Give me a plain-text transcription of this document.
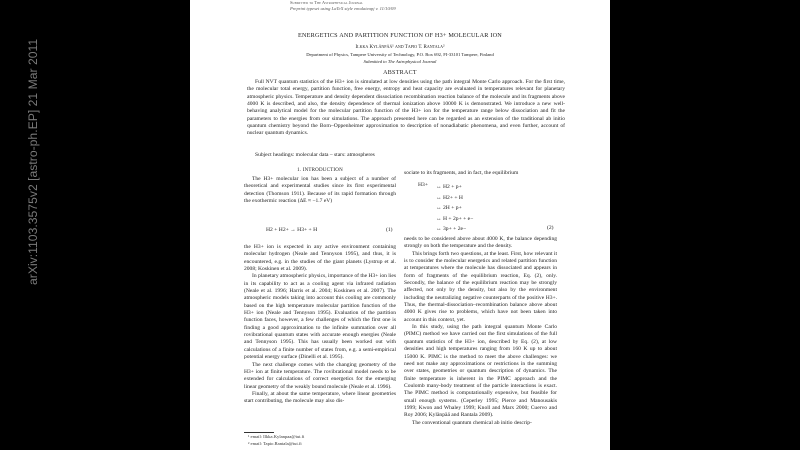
arXiv:1103.3575v2 [astro-ph.EP] 21 Mar 2011
Submitted to The Astrophysical Journal
Preprint typeset using LaTeX style emulateapj v. 11/10/09
ENERGETICS AND PARTITION FUNCTION OF H3+ MOLECULAR ION
Ilkka Kylänpää¹ and Tapio T. Rantala²
Department of Physics, Tampere University of Technology, P.O. Box 692, FI-33101 Tampere, Finland
Submitted to The Astrophysical Journal
ABSTRACT
Full NVT quantum statistics of the H3+ ion is simulated at low densities using the path integral Monte Carlo approach. For the first time, the molecular total energy, partition function, free energy, entropy and heat capacity are evaluated in temperatures relevant for planetary atmospheric physics. Temperature and density dependent dissociation recombination reaction balance of the molecule and its fragments above 4000 K is described, and also, the density dependence of thermal ionization above 10000 K is demonstrated. We introduce a new well-behaving analytical model for the molecular partition function of the H3+ ion for the temperature range below dissociation and fit the parameters to the energies from our simulations. The approach presented here can be regarded as an extension of the traditional ab initio quantum chemistry beyond the Born–Oppenheimer approximation to description of nonadiabatic phenomena, and even further, account of nuclear quantum dynamics.
Subject headings: molecular data – stars: atmospheres
1. INTRODUCTION

The H3+ molecular ion has been a subject of a number of theoretical and experimental studies since its first experimental detection (Thomson 1911). Because of its rapid formation through the exothermic reaction (ΔE ≈ −1.7 eV)

H2 + H2+ → H3+ + H	(1)

the H3+ ion is expected in any active environment containing molecular hydrogen (Neale and Tennyson 1995), and thus, it is encountered, e.g. in the studies of the giant planets (Lystrup et al. 2008; Koskinen et al. 2009).

In planetary atmospheric physics, importance of the H3+ ion lies in its capability to act as a cooling agent via infrared radiation (Neale et al. 1996; Harris et al. 2004; Koskinen et al. 2007). The atmospheric models taking into account this cooling are commonly based on the high temperature molecular partition function of the H3+ ion (Neale and Tennyson 1995). Evaluation of the partition function faces, however, a few challenges of which the first one is finding a good approximation to the infinite summation over all rovibrational quantum states with accurate enough energies (Neale and Tennyson 1995). This has usually been worked out with calculations of a finite number of states from, e.g. a semi-empirical potential energy surface (Dinelli et al. 1995).

The next challenge comes with the changing geometry of the H3+ ion at finite temperature. The rovibrational model needs to be extended for calculations of correct energetics for the emerging linear geometry of the weakly bound molecule (Neale et al. 1996).

Finally, at about the same temperature, where linear geometries start contributing, the molecule may also dis-

¹ email: Ilkka.Kylanpaa@tut.fi
² email: Tapio.Rantala@tut.fi

sociate to its fragments, and in fact, the equilibrium

H3+ ↔ H2 + p+
↔ H2+ + H
↔ 2H + p+
↔ H + 2p+ + e−
↔ 3p+ + 2e−	(2)

needs to be considered above about 4000 K, the balance depending strongly on both the temperature and the density.

This brings forth two questions, at the least. First, how relevant it is to consider the molecular energetics and related partition function at temperatures where the molecule has dissociated and appears in form of fragments of the equilibrium reaction, Eq. (2), only. Secondly, the balance of the equilibrium reaction may be strongly affected, not only by the density, but also by the environment including the neutralizing negative counterparts of the positive H3+. Thus, the thermal-dissociation–recombination balance above about 4000 K gives rise to problems, which have not been taken into account in this context, yet.

In this study, using the path integral quantum Monte Carlo (PIMC) method we have carried out the first simulations of the full quantum statistics of the H3+ ion, described by Eq. (2), at low densities and high temperatures ranging from 160 K up to about 15000 K. PIMC is the method to meet the above challenges: we need not make any approximations or restrictions in the summing over states, geometries or quantum description of dynamics. The finite temperature is inherent in the PIMC approach and the Coulomb many-body treatment of the particle interactions is exact. The PIMC method is computationally expensive, but feasible for small enough systems. (Ceperley 1995; Pierce and Manousakis 1999; Kwon and Whaley 1999; Knoll and Marx 2000; Cuervo and Roy 2006; Kylänpää and Rantala 2009).

The conventional quantum chemical ab initio descrip-
